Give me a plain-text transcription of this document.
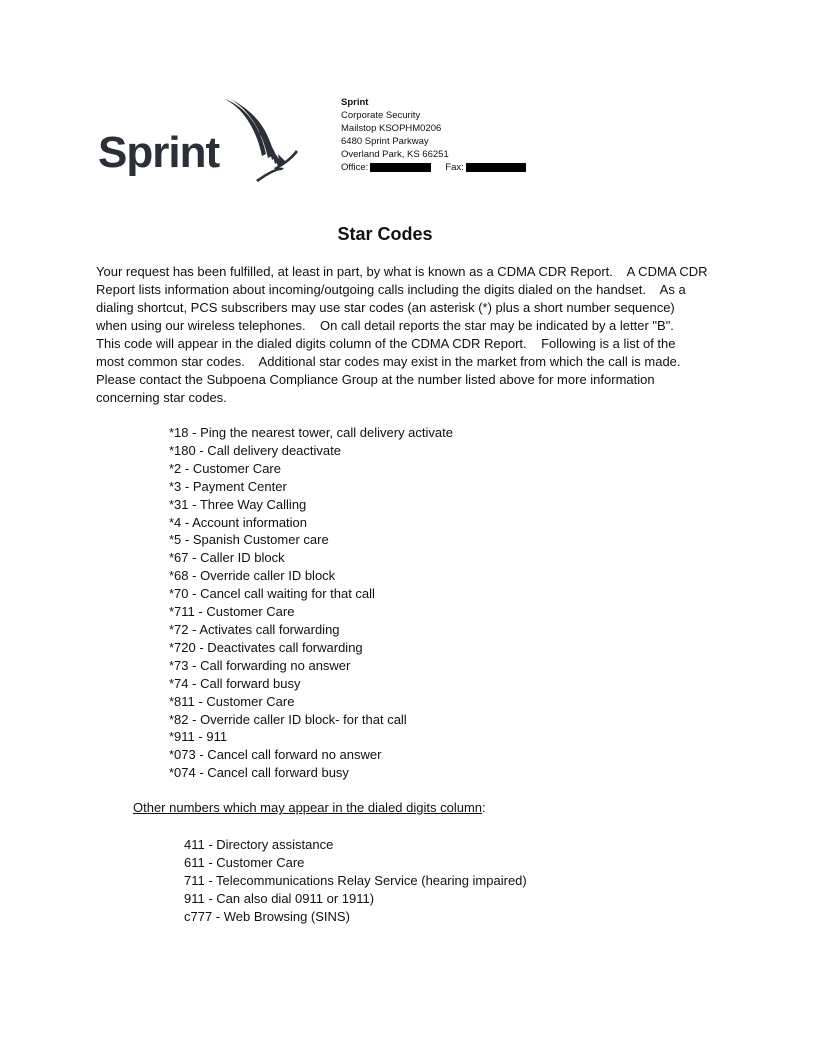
Sprint
Sprint
Corporate Security
Mailstop KSOPHM0206
6480 Sprint Parkway
Overland Park, KS 66251
Office:	Fax:
Star Codes
Your request has been fulfilled, at least in part, by what is known as a CDMA CDR Report.    A CDMA CDR
Report lists information about incoming/outgoing calls including the digits dialed on the handset.    As a
dialing shortcut, PCS subscribers may use star codes (an asterisk (*) plus a short number sequence)
when using our wireless telephones.    On call detail reports the star may be indicated by a letter "B".
This code will appear in the dialed digits column of the CDMA CDR Report.    Following is a list of the
most common star codes.    Additional star codes may exist in the market from which the call is made.
Please contact the Subpoena Compliance Group at the number listed above for more information
concerning star codes.
*18 - Ping the nearest tower, call delivery activate
*180 - Call delivery deactivate
*2 - Customer Care
*3 - Payment Center
*31 - Three Way Calling
*4 - Account information
*5 - Spanish Customer care
*67 - Caller ID block
*68 - Override caller ID block
*70 - Cancel call waiting for that call
*711 - Customer Care
*72 - Activates call forwarding
*720 - Deactivates call forwarding
*73 - Call forwarding no answer
*74 - Call forward busy
*811 - Customer Care
*82 - Override caller ID block- for that call
*911 - 911
*073 - Cancel call forward no answer
*074 - Cancel call forward busy
Other numbers which may appear in the dialed digits column:
411 - Directory assistance
611 - Customer Care
711 - Telecommunications Relay Service (hearing impaired)
911 - Can also dial 0911 or 1911)
c777 - Web Browsing (SINS)
